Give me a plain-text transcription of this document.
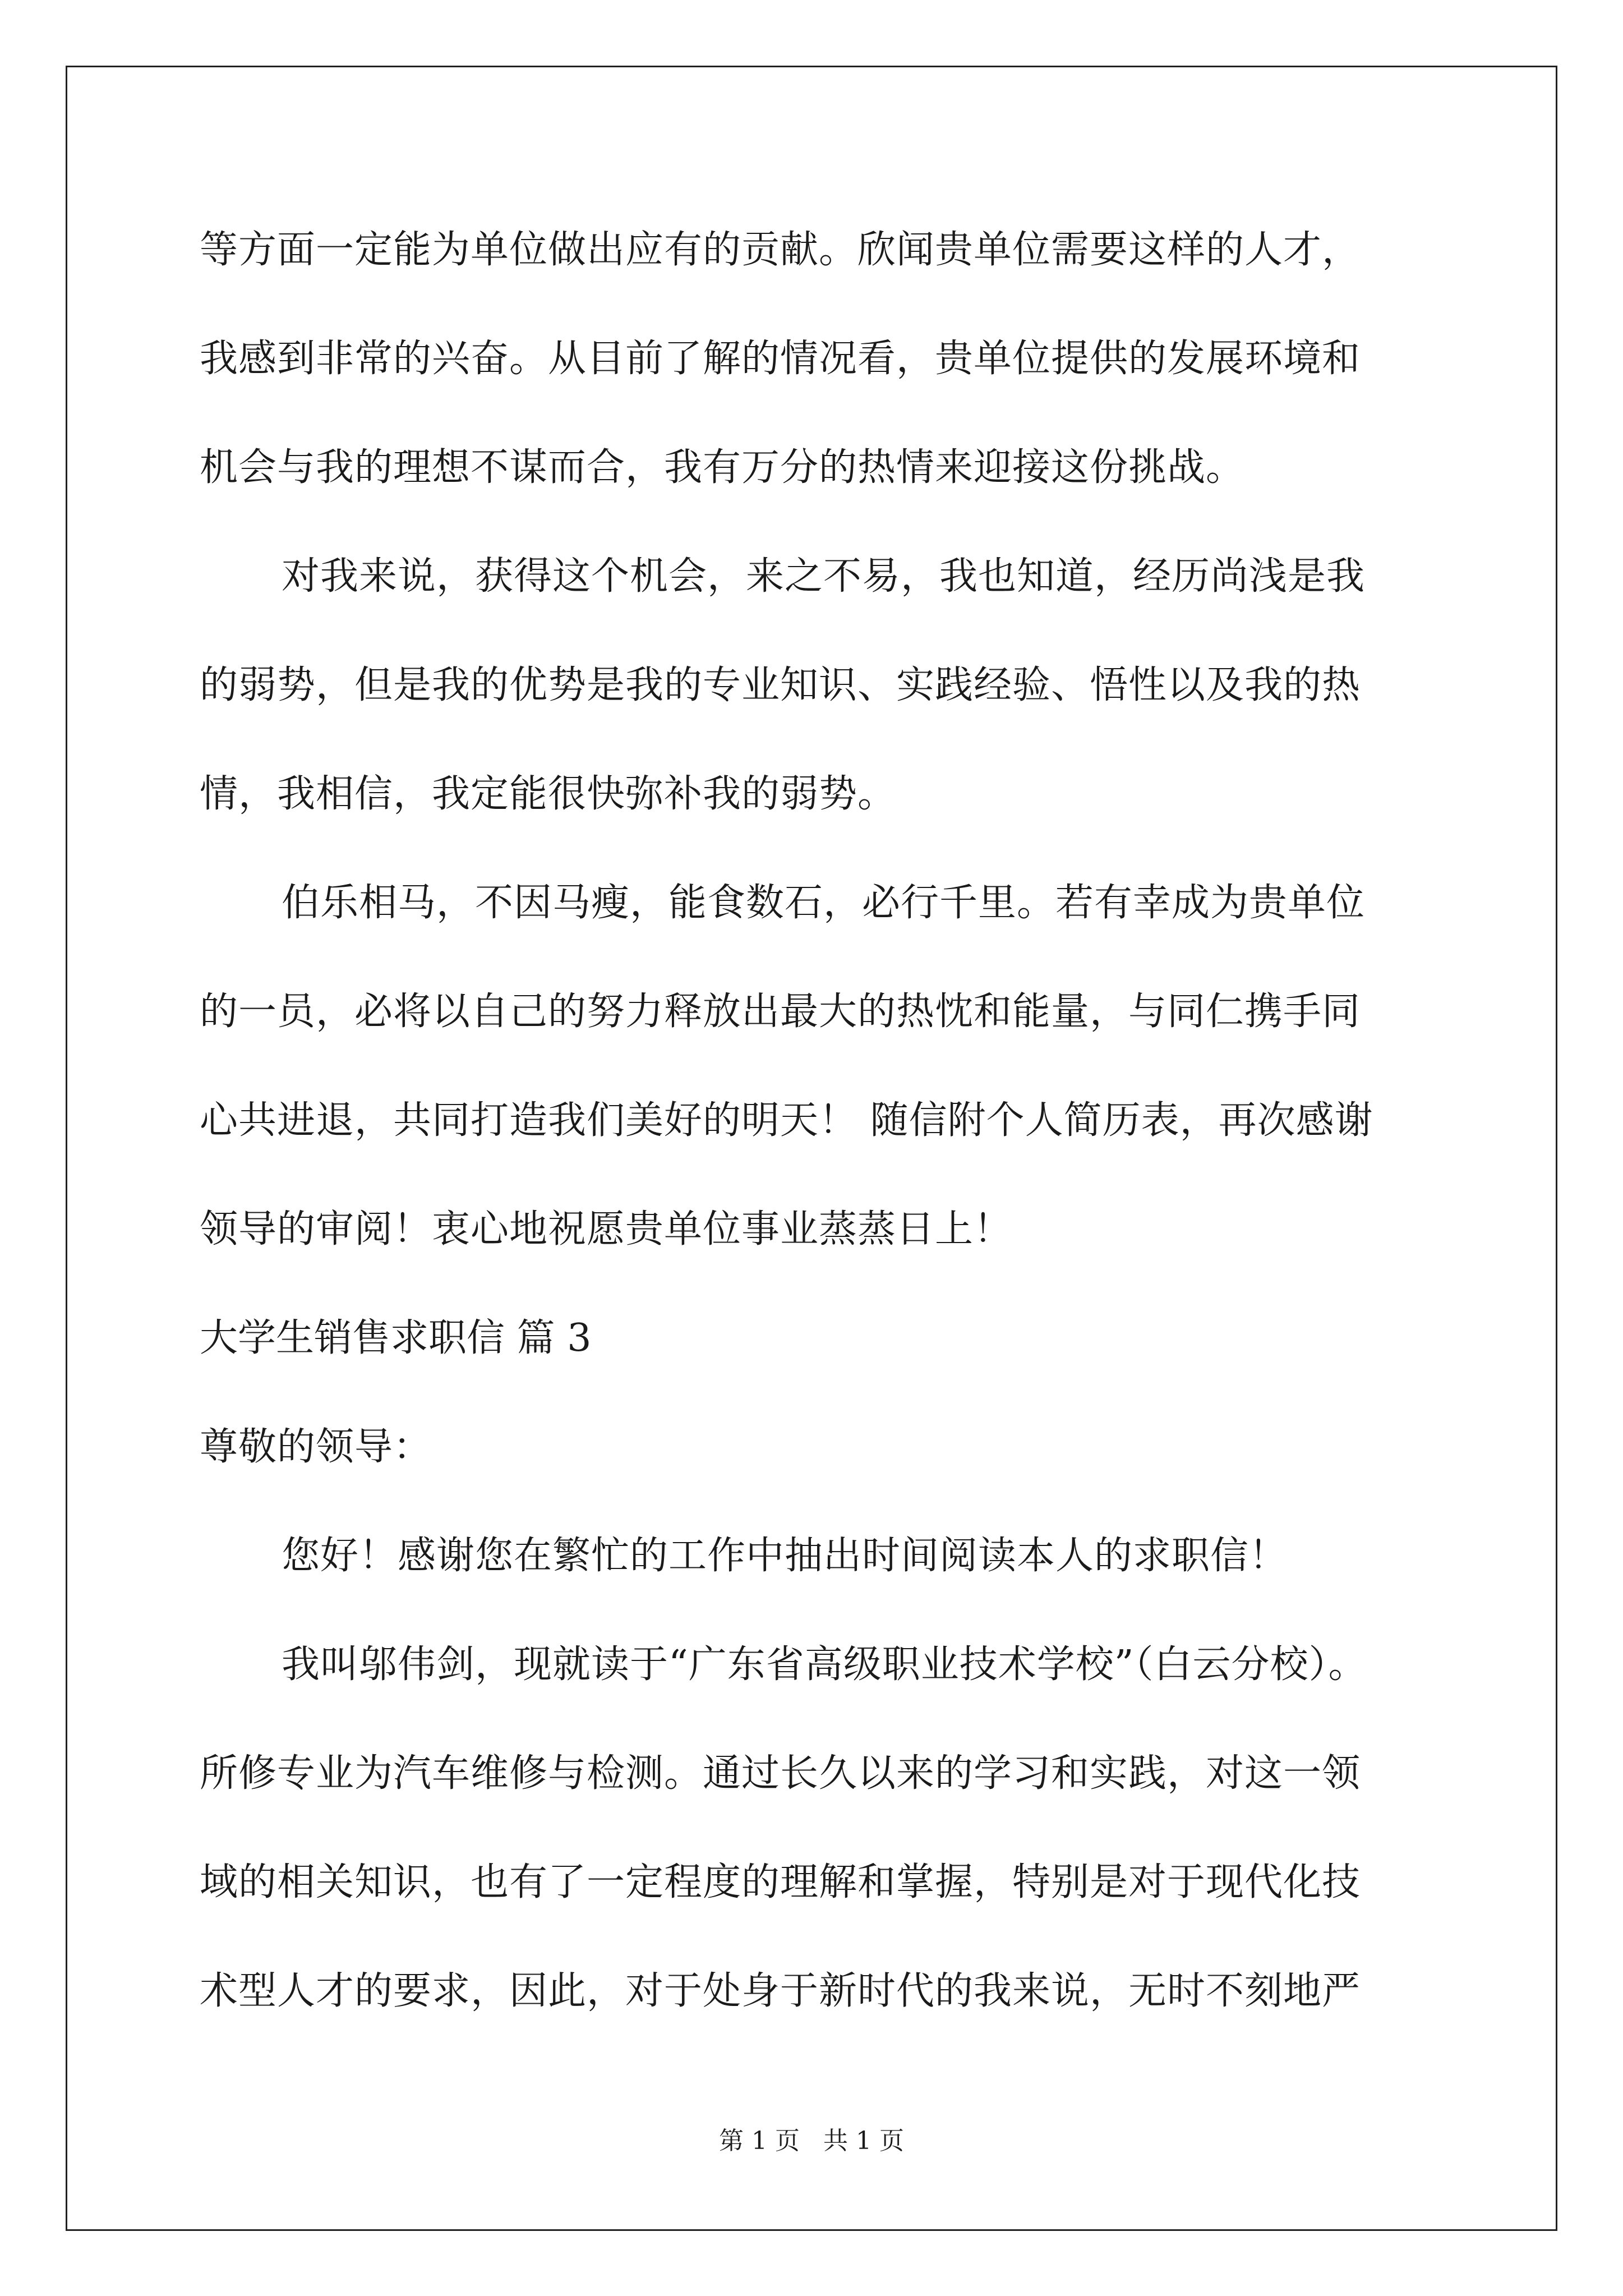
等方面一定能为单位做出应有的贡献。欣闻贵单位需要这样的人才，
我感到非常的兴奋。从目前了解的情况看，贵单位提供的发展环境和
机会与我的理想不谋而合，我有万分的热情来迎接这份挑战。
对我来说，获得这个机会，来之不易，我也知道，经历尚浅是我
的弱势，但是我的优势是我的专业知识、实践经验、悟性以及我的热
情，我相信，我定能很快弥补我的弱势。
伯乐相马，不因马瘦，能食数石，必行千里。若有幸成为贵单位
的一员，必将以自己的努力释放出最大的热忱和能量，与同仁携手同
心共进退，共同打造我们美好的明天！ 随信附个人简历表，再次感谢
领导的审阅！衷心地祝愿贵单位事业蒸蒸日上！
大学生销售求职信 篇 3
尊敬的领导：
您好！感谢您在繁忙的工作中抽出时间阅读本人的求职信！
我叫邬伟剑，现就读于“广东省高级职业技术学校”（白云分校）。
所修专业为汽车维修与检测。通过长久以来的学习和实践，对这一领
域的相关知识，也有了一定程度的理解和掌握，特别是对于现代化技
术型人才的要求，因此，对于处身于新时代的我来说，无时不刻地严
第 1 页 共 1 页
